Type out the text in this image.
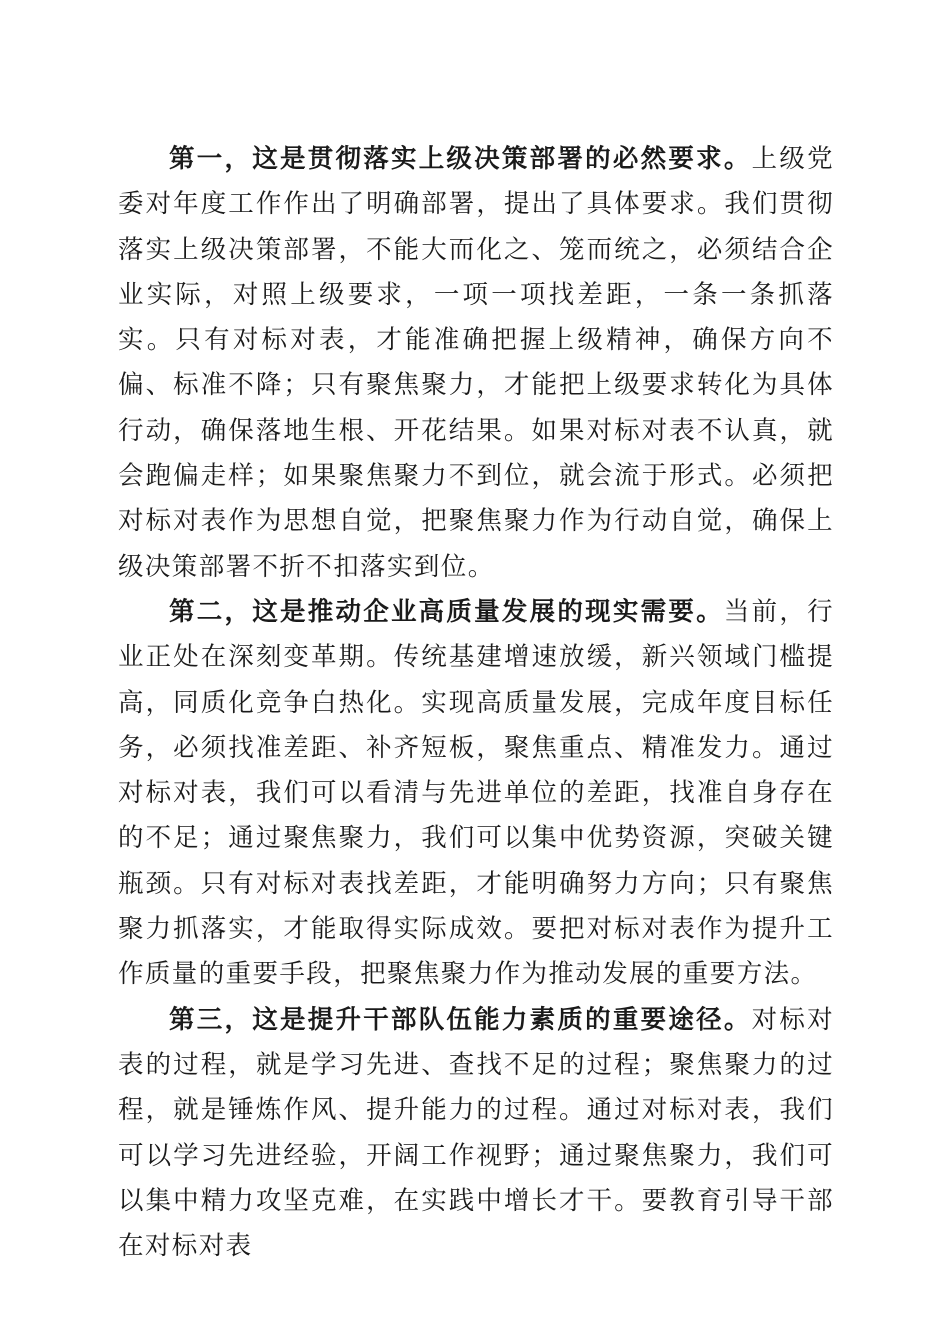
第一，这是贯彻落实上级决策部署的必然要求。上级党委对年度工作作出了明确部署，提出了具体要求。我们贯彻落实上级决策部署，不能大而化之、笼而统之，必须结合企业实际，对照上级要求，一项一项找差距，一条一条抓落实。只有对标对表，才能准确把握上级精神，确保方向不偏、标准不降；只有聚焦聚力，才能把上级要求转化为具体行动，确保落地生根、开花结果。如果对标对表不认真，就会跑偏走样；如果聚焦聚力不到位，就会流于形式。必须把对标对表作为思想自觉，把聚焦聚力作为行动自觉，确保上级决策部署不折不扣落实到位。

第二，这是推动企业高质量发展的现实需要。当前，行业正处在深刻变革期。传统基建增速放缓，新兴领域门槛提高，同质化竞争白热化。实现高质量发展，完成年度目标任务，必须找准差距、补齐短板，聚焦重点、精准发力。通过对标对表，我们可以看清与先进单位的差距，找准自身存在的不足；通过聚焦聚力，我们可以集中优势资源，突破关键瓶颈。只有对标对表找差距，才能明确努力方向；只有聚焦聚力抓落实，才能取得实际成效。要把对标对表作为提升工作质量的重要手段，把聚焦聚力作为推动发展的重要方法。

第三，这是提升干部队伍能力素质的重要途径。对标对表的过程，就是学习先进、查找不足的过程；聚焦聚力的过程，就是锤炼作风、提升能力的过程。通过对标对表，我们可以学习先进经验，开阔工作视野；通过聚焦聚力，我们可以集中精力攻坚克难，在实践中增长才干。要教育引导干部在对标对表
